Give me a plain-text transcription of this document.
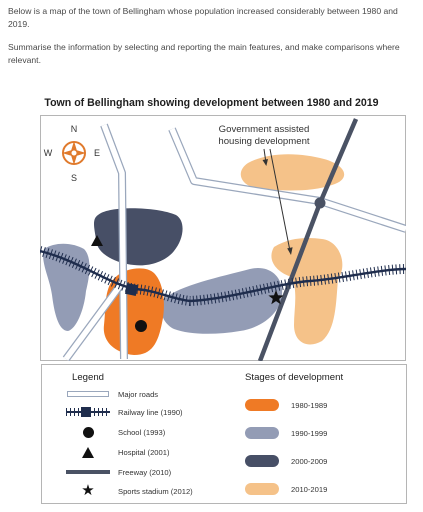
Below is a map of the town of Bellingham whose population increased considerably between 1980 and 2019.

Summarise the information by selecting and reporting the main features, and make comparisons where relevant.

Town of Bellingham showing development between 1980 and 2019
N
S
W	E
Government assisted
housing development
Legend	Stages of development
Major roads
Railway line (1990)
School (1993)
Hospital (2001)
Freeway (2010)
★	Sports stadium (2012)
1980-1989
1990-1999
2000-2009
2010-2019
